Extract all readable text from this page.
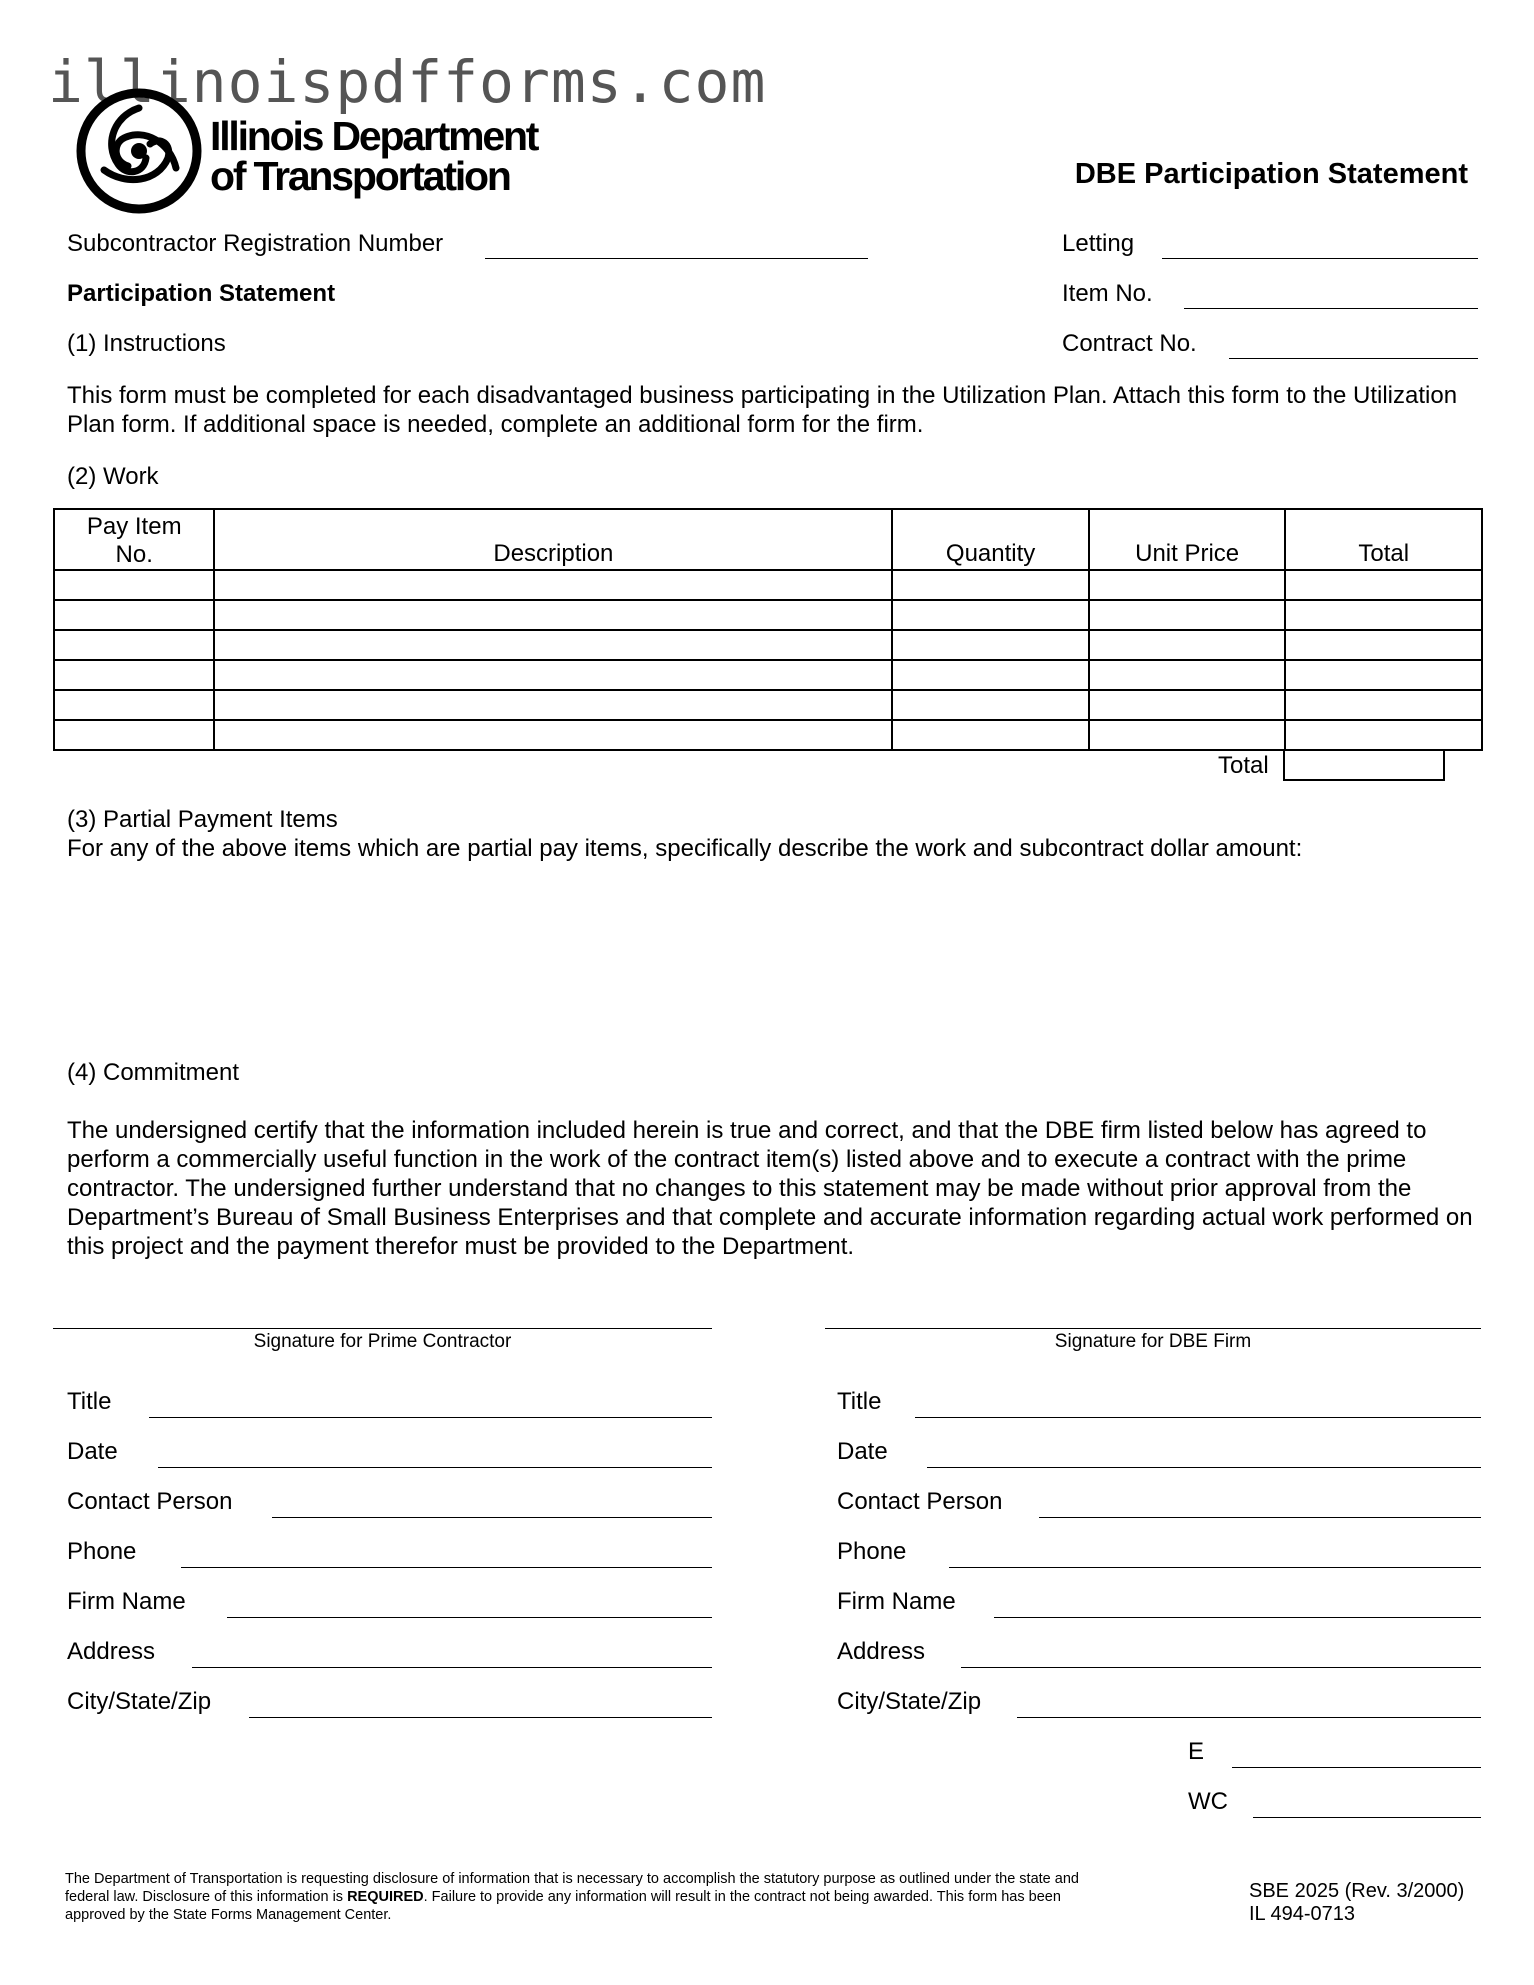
illinoispdfforms.com
Illinois Department
of Transportation	DBE Participation Statement
Subcontractor Registration Number	Letting
Participation Statement	Item No.
(1) Instructions	Contract No.
This form must be completed for each disadvantaged business participating in the Utilization Plan. Attach this form to the Utilization Plan form. If additional space is needed, complete an additional form for the firm.
(2) Work
Pay Item No.	Description	Quantity	Unit Price	Total

Total
(3) Partial Payment Items
For any of the above items which are partial pay items, specifically describe the work and subcontract dollar amount:
(4) Commitment
The undersigned certify that the information included herein is true and correct, and that the DBE firm listed below has agreed to perform a commercially useful function in the work of the contract item(s) listed above and to execute a contract with the prime contractor. The undersigned further understand that no changes to this statement may be made without prior approval from the Department’s Bureau of Small Business Enterprises and that complete and accurate information regarding actual work performed on this project and the payment therefor must be provided to the Department.
Signature for Prime Contractor
Title
Date
Contact Person
Phone
Firm Name
Address
City/State/Zip
Signature for DBE Firm
Title
Date
Contact Person
Phone
Firm Name
Address
City/State/Zip
E
WC
The Department of Transportation is requesting disclosure of information that is necessary to accomplish the statutory purpose as outlined under the state and federal law. Disclosure of this information is REQUIRED. Failure to provide any information will result in the contract not being awarded. This form has been approved by the State Forms Management Center.
SBE 2025 (Rev. 3/2000)
IL 494-0713
